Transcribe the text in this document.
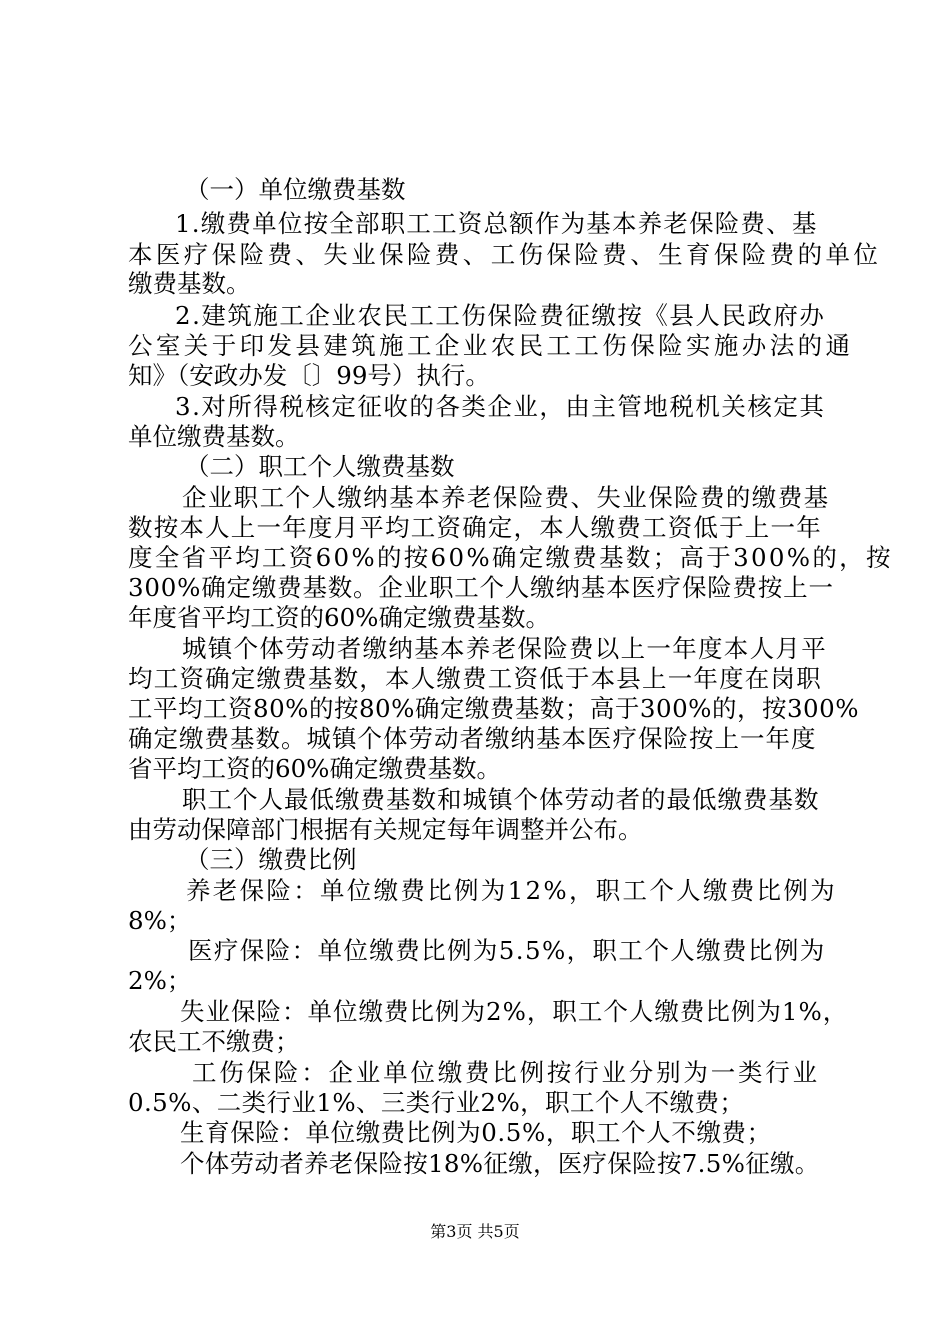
（一）单位缴费基数
1.缴费单位按全部职工工资总额作为基本养老保险费、基
本医疗保险费、失业保险费、工伤保险费、生育保险费的单位
缴费基数。
2.建筑施工企业农民工工伤保险费征缴按《县人民政府办
公室关于印发县建筑施工企业农民工工伤保险实施办法的通
知》（安政办发〔〕99号）执行。
3.对所得税核定征收的各类企业，由主管地税机关核定其
单位缴费基数。
（二）职工个人缴费基数
企业职工个人缴纳基本养老保险费、失业保险费的缴费基
数按本人上一年度月平均工资确定，本人缴费工资低于上一年
度全省平均工资60%的按60%确定缴费基数；高于300%的，按
300%确定缴费基数。企业职工个人缴纳基本医疗保险费按上一
年度省平均工资的60%确定缴费基数。
城镇个体劳动者缴纳基本养老保险费以上一年度本人月平
均工资确定缴费基数，本人缴费工资低于本县上一年度在岗职
工平均工资80%的按80%确定缴费基数；高于300%的，按300%
确定缴费基数。城镇个体劳动者缴纳基本医疗保险按上一年度
省平均工资的60%确定缴费基数。
职工个人最低缴费基数和城镇个体劳动者的最低缴费基数
由劳动保障部门根据有关规定每年调整并公布。
（三）缴费比例
养老保险：单位缴费比例为12%，职工个人缴费比例为
8%；
医疗保险：单位缴费比例为5.5%，职工个人缴费比例为
2%；
失业保险：单位缴费比例为2%，职工个人缴费比例为1%，
农民工不缴费；
工伤保险：企业单位缴费比例按行业分别为一类行业
0.5%、二类行业1%、三类行业2%，职工个人不缴费；
生育保险：单位缴费比例为0.5%，职工个人不缴费；
个体劳动者养老保险按18%征缴，医疗保险按7.5%征缴。
第3页 共5页
